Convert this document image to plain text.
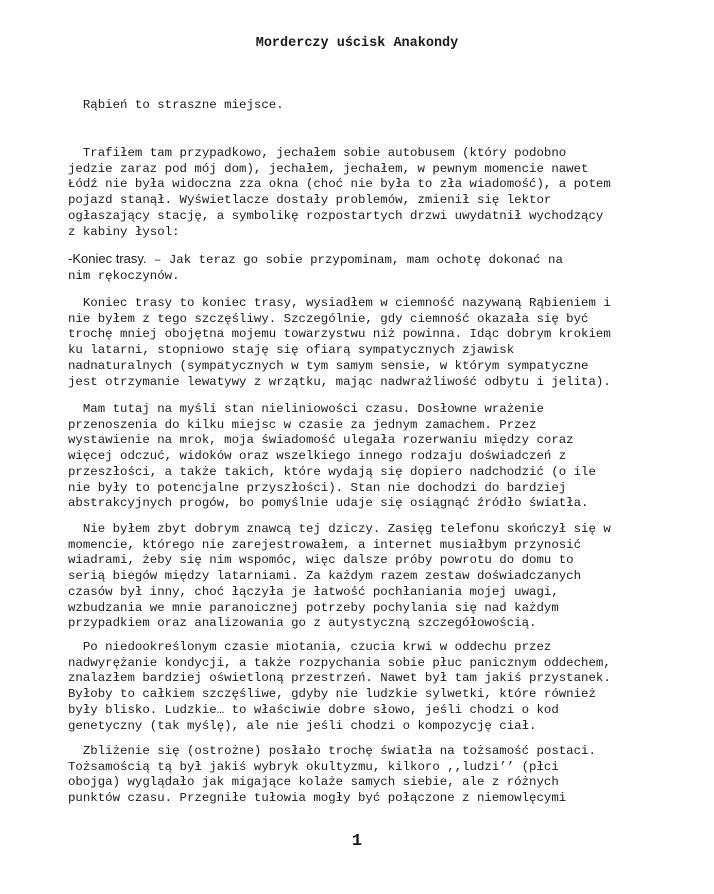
Morderczy uścisk Anakondy

Rąbień to straszne miejsce.

Trafiłem tam przypadkowo, jechałem sobie autobusem (który podobno
jedzie zaraz pod mój dom), jechałem, jechałem, w pewnym momencie nawet
Łódź nie była widoczna zza okna (choć nie była to zła wiadomość), a potem
pojazd stanął. Wyświetlacze dostały problemów, zmienił się lektor
ogłaszający stację, a symbolikę rozpostartych drzwi uwydatnił wychodzący
z kabiny łysol:

-Koniec trasy. – Jak teraz go sobie przypominam, mam ochotę dokonać na
nim rękoczynów.

Koniec trasy to koniec trasy, wysiadłem w ciemność nazywaną Rąbieniem i
nie byłem z tego szczęśliwy. Szczególnie, gdy ciemność okazała się być
trochę mniej obojętna mojemu towarzystwu niż powinna. Idąc dobrym krokiem
ku latarni, stopniowo staję się ofiarą sympatycznych zjawisk
nadnaturalnych (sympatycznych w tym samym sensie, w którym sympatyczne
jest otrzymanie lewatywy z wrzątku, mając nadwrażliwość odbytu i jelita).

Mam tutaj na myśli stan nieliniowości czasu. Dosłowne wrażenie
przenoszenia do kilku miejsc w czasie za jednym zamachem. Przez
wystawienie na mrok, moja świadomość ulegała rozerwaniu między coraz
więcej odczuć, widoków oraz wszelkiego innego rodzaju doświadczeń z
przeszłości, a także takich, które wydają się dopiero nadchodzić (o ile
nie były to potencjalne przyszłości). Stan nie dochodzi do bardziej
abstrakcyjnych progów, bo pomyślnie udaje się osiągnąć źródło światła.

Nie byłem zbyt dobrym znawcą tej dziczy. Zasięg telefonu skończył się w
momencie, którego nie zarejestrowałem, a internet musiałbym przynosić
wiadrami, żeby się nim wspomóc, więc dalsze próby powrotu do domu to
serią biegów między latarniami. Za każdym razem zestaw doświadczanych
czasów był inny, choć łączyła je łatwość pochłaniania mojej uwagi,
wzbudzania we mnie paranoicznej potrzeby pochylania się nad każdym
przypadkiem oraz analizowania go z autystyczną szczegółowością.

Po niedookreślonym czasie miotania, czucia krwi w oddechu przez
nadwyrężanie kondycji, a także rozpychania sobie płuc panicznym oddechem,
znalazłem bardziej oświetloną przestrzeń. Nawet był tam jakiś przystanek.
Byłoby to całkiem szczęśliwe, gdyby nie ludzkie sylwetki, które również
były blisko. Ludzkie… to właściwie dobre słowo, jeśli chodzi o kod
genetyczny (tak myślę), ale nie jeśli chodzi o kompozycję ciał.

Zbliżenie się (ostrożne) posłało trochę światła na tożsamość postaci.
Tożsamością tą był jakiś wybryk okultyzmu, kilkoro ,,ludzi’’ (płci
obojga) wyglądało jak migające kolaże samych siebie, ale z różnych
punktów czasu. Przegniłe tułowia mogły być połączone z niemowlęcymi

1
